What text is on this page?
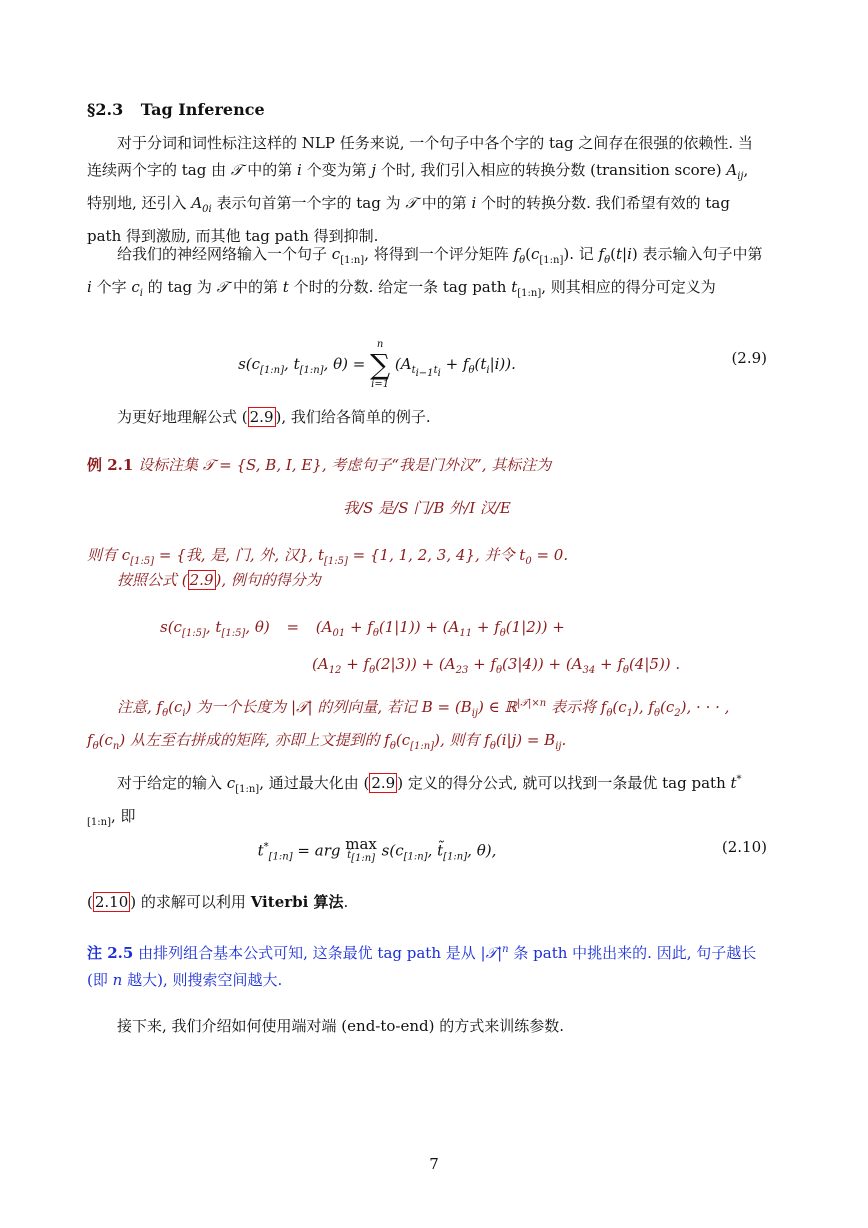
§2.3 Tag Inference
对于分词和词性标注这样的 NLP 任务来说, 一个句子中各个字的 tag 之间存在很强的依赖性. 当连续两个字的 tag 由 𝒯 中的第 i 个变为第 j 个时, 我们引入相应的转换分数 (transition score) $A_{ij}$, 特别地, 还引入 $A_{0i}$ 表示句首第一个字的 tag 为 𝒯 中的第 i 个时的转换分数. 我们希望有效的 tag path 得到激励, 而其他 tag path 得到抑制.
给我们的神经网络输入一个句子 $c_{[1:n]}$, 将得到一个评分矩阵 $f_\theta(c_{[1:n]})$. 记 $f_\theta(t|i)$ 表示输入句子中第 i 个字 $c_i$ 的 tag 为 𝒯 中的第 t 个时的分数. 给定一条 tag path $t_{[1:n]}$, 则其相应的得分可定义为
$s(c_{[1:n]}$, $t_{[1:n]}$, θ) =
n
∑
i=1
$(A_{t_{i-1}t_i} + f_\theta(t_i|i))$.	(2.9)
为更好地理解公式 ( 2.9 ), 我们给各简单的例子.
例 2.1 设标注集 𝒯 = {S, B, I, E}, 考虑句子“我是门外汉”, 其标注为
我/S 是/S 门/B 外/I 汉/E
则有 $c_{[1:5]}$ = {我, 是, 门, 外, 汉}, $t_{[1:5]} = \{1$, 1, 2, 3, 4}, 并令 $t_0 = 0$.
按照公式 ( 2.9 ), 例句的得分为
$s(c_{[1:5]}$, $t_{[1:5]}$, $\theta) = (A_{01} + f_\theta(1|1)) + (A_{11} + f_\theta(1|2))$ +
$(A_{12} + f_\theta(2|3)) + (A_{23} + f_\theta(3|4)) + (A_{34} + f_\theta(4|5))$ .
注意, $f_\theta(c_i)$ 为一个长度为 |𝒯| 的列向量, 若记 $B = (B_{ij})$ ∈ ℝ$^{|𝒯|\times n}$ 表示将 $f_\theta(c_1)$, $f_\theta(c_2)$, · · · , $f_\theta(c_n)$ 从左至右拼成的矩阵, 亦即上文提到的 $f_\theta(c_{[1:n]})$, 则有 $f_\theta(i|j) = B_{ij}$.
对于给定的输入 $c_{[1:n]}$, 通过最大化由 ( 2.9 ) 定义的得分公式, 就可以找到一条最优 tag path $t^*_{[1:n]}$, 即
$t^*_{[1:n]}$ = arg max
$t̃_{[1:n]}$ $s(c_{[1:n]}$, $t̃_{[1:n]}$, θ),	(2.10)
( 2.10 ) 的求解可以利用 Viterbi 算法.
注 2.5 由排列组合基本公式可知, 这条最优 tag path 是从 $|𝒯|^n$ 条 path 中挑出来的. 因此, 句子越长 (即 n 越大), 则搜索空间越大.
接下来, 我们介绍如何使用端对端 (end-to-end) 的方式来训练参数.
7
